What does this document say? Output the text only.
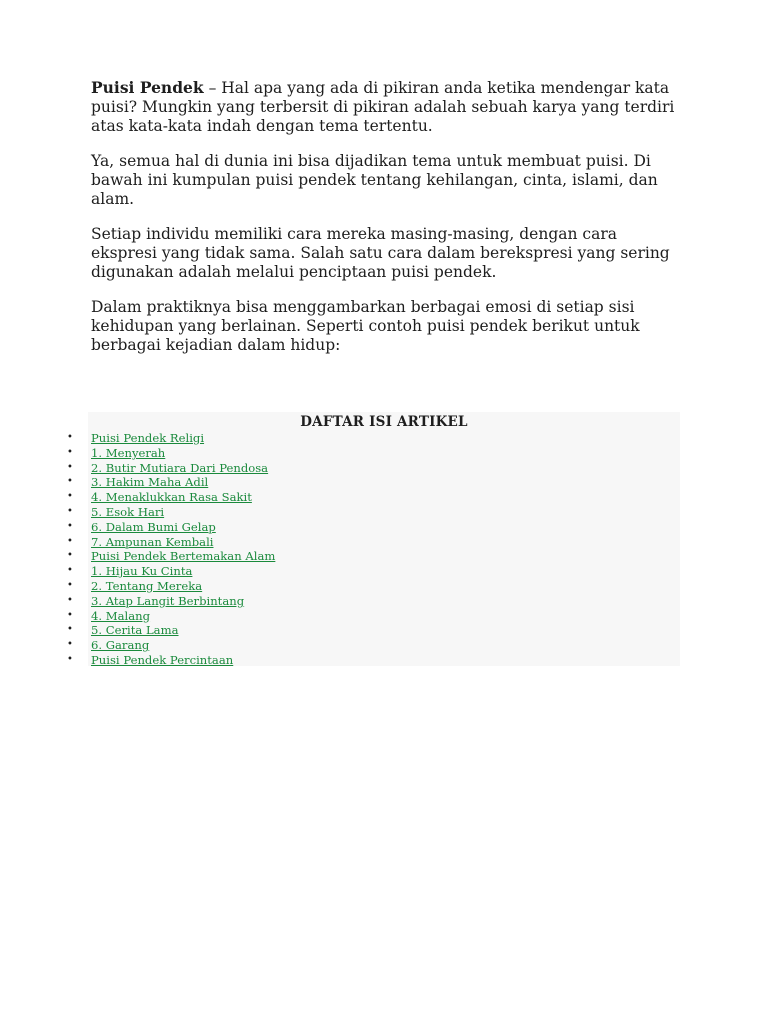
Puisi Pendek – Hal apa yang ada di pikiran anda ketika mendengar kata puisi? Mungkin yang terbersit di pikiran adalah sebuah karya yang terdiri atas kata-kata indah dengan tema tertentu.

Ya, semua hal di dunia ini bisa dijadikan tema untuk membuat puisi. Di bawah ini kumpulan puisi pendek tentang kehilangan, cinta, islami, dan alam.

Setiap individu memiliki cara mereka masing-masing, dengan cara ekspresi yang tidak sama. Salah satu cara dalam berekspresi yang sering digunakan adalah melalui penciptaan puisi pendek.

Dalam praktiknya bisa menggambarkan berbagai emosi di setiap sisi kehidupan yang berlainan. Seperti contoh puisi pendek berikut untuk berbagai kejadian dalam hidup:

DAFTAR ISI ARTIKEL
• Puisi Pendek Religi
• 1. Menyerah
• 2. Butir Mutiara Dari Pendosa
• 3. Hakim Maha Adil
• 4. Menaklukkan Rasa Sakit
• 5. Esok Hari
• 6. Dalam Bumi Gelap
• 7. Ampunan Kembali
• Puisi Pendek Bertemakan Alam
• 1. Hijau Ku Cinta
• 2. Tentang Mereka
• 3. Atap Langit Berbintang
• 4. Malang
• 5. Cerita Lama
• 6. Garang
• Puisi Pendek Percintaan
